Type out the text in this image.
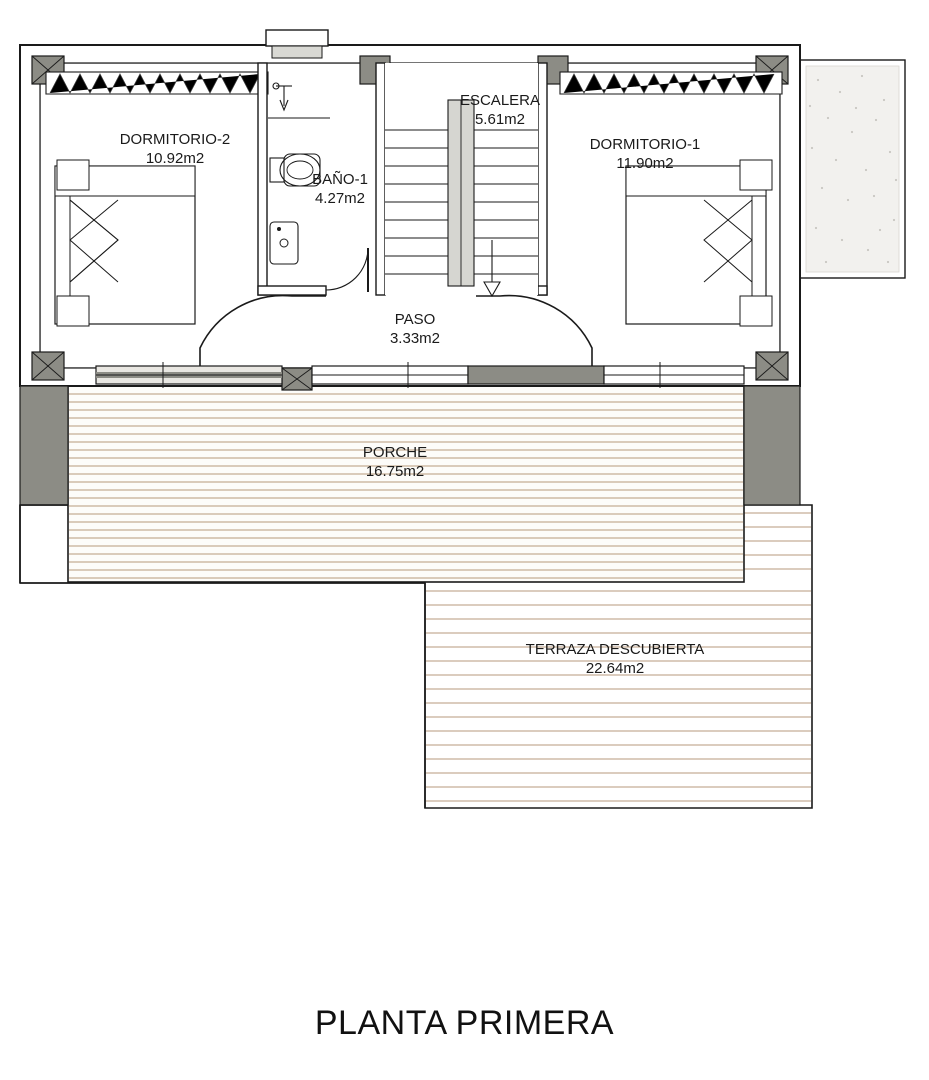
DORMITORIO-2
10.92m2
BAÑO-1
4.27m2
ESCALERA
5.61m2
DORMITORIO-1
11.90m2
PASO
3.33m2
PORCHE
16.75m2
TERRAZA DESCUBIERTA
22.64m2
PLANTA PRIMERA
